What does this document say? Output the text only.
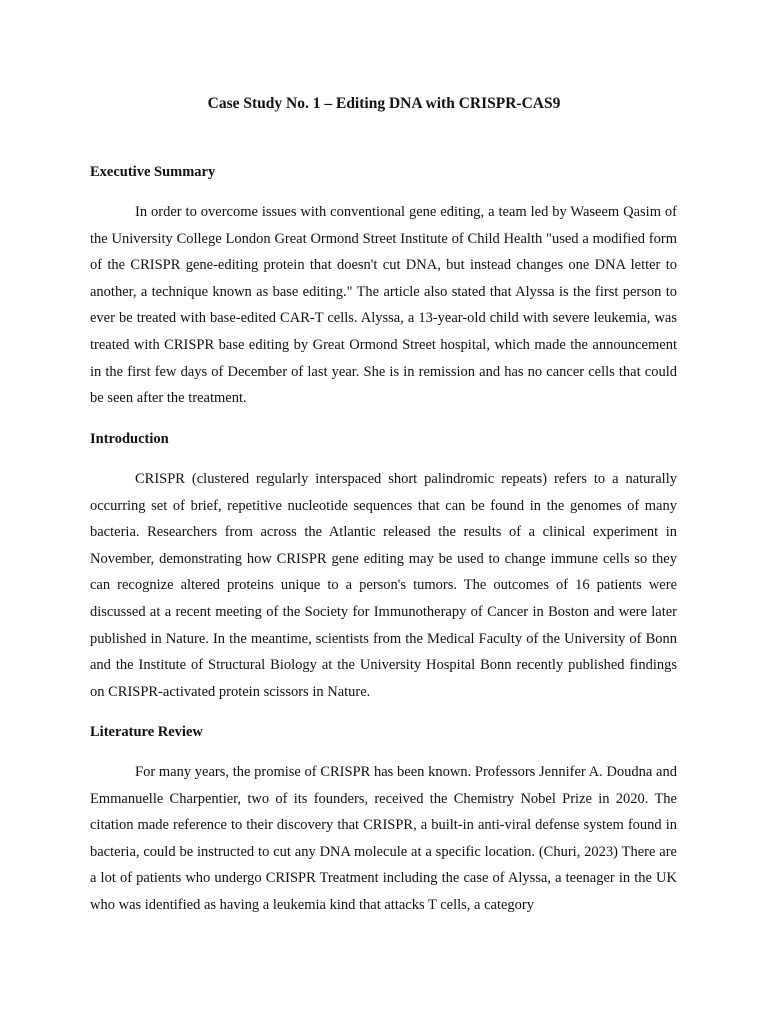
Case Study No. 1 – Editing DNA with CRISPR-CAS9
Executive Summary

In order to overcome issues with conventional gene editing, a team led by Waseem Qasim of the University College London Great Ormond Street Institute of Child Health "used a modified form of the CRISPR gene-editing protein that doesn't cut DNA, but instead changes one DNA letter to another, a technique known as base editing." The article also stated that Alyssa is the first person to ever be treated with base-edited CAR-T cells. Alyssa, a 13-year-old child with severe leukemia, was treated with CRISPR base editing by Great Ormond Street hospital, which made the announcement in the first few days of December of last year. She is in remission and has no cancer cells that could be seen after the treatment.

Introduction

CRISPR (clustered regularly interspaced short palindromic repeats) refers to a naturally occurring set of brief, repetitive nucleotide sequences that can be found in the genomes of many bacteria. Researchers from across the Atlantic released the results of a clinical experiment in November, demonstrating how CRISPR gene editing may be used to change immune cells so they can recognize altered proteins unique to a person's tumors. The outcomes of 16 patients were discussed at a recent meeting of the Society for Immunotherapy of Cancer in Boston and were later published in Nature. In the meantime, scientists from the Medical Faculty of the University of Bonn and the Institute of Structural Biology at the University Hospital Bonn recently published findings on CRISPR-activated protein scissors in Nature.

Literature Review

For many years, the promise of CRISPR has been known. Professors Jennifer A. Doudna and Emmanuelle Charpentier, two of its founders, received the Chemistry Nobel Prize in 2020. The citation made reference to their discovery that CRISPR, a built-in anti-viral defense system found in bacteria, could be instructed to cut any DNA molecule at a specific location. (Churi, 2023) There are a lot of patients who undergo CRISPR Treatment including the case of Alyssa, a teenager in the UK who was identified as having a leukemia kind that attacks T cells, a category
